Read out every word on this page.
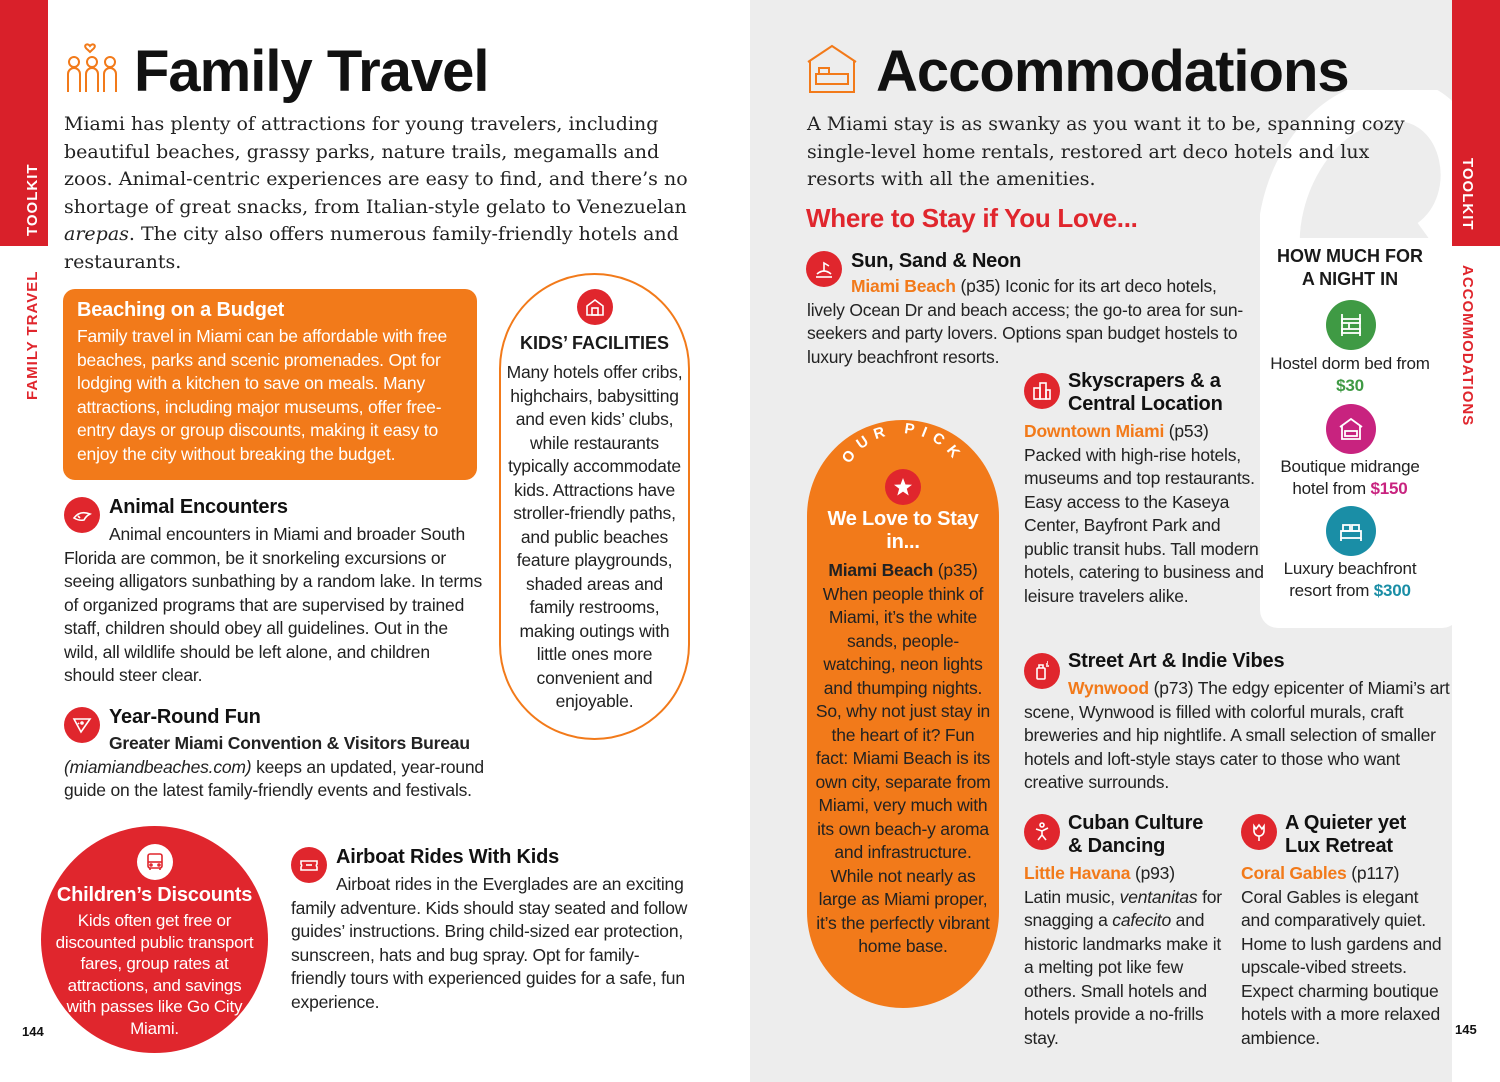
TOOLKIT
FAMILY TRAVEL
Family Travel
Miami has plenty of attractions for young travelers, including beautiful beaches, grassy parks, nature trails, megamalls and zoos. Animal-centric experiences are easy to find, and there’s no shortage of great snacks, from Italian-style gelato to Venezuelan arepas. The city also offers numerous family-friendly hotels and restaurants.
Beaching on a Budget
Family travel in Miami can be affordable with free beaches, parks and scenic promenades. Opt for lodging with a kitchen to save on meals. Many attractions, including major museums, offer free-entry days or group discounts, making it easy to enjoy the city without breaking the budget.
KIDS’ FACILITIES
Many hotels offer cribs, highchairs, babysitting and even kids’ clubs, while restaurants typically accommodate kids. Attractions have stroller-friendly paths, and public beaches feature playgrounds, shaded areas and family restrooms, making outings with little ones more convenient and enjoyable.
Animal Encounters
Animal encounters in Miami and broader South Florida are common, be it snorkeling excursions or seeing alligators sunbathing by a random lake. In terms of organized programs that are supervised by trained staff, children should obey all guidelines. Out in the wild, all wildlife should be left alone, and children should steer clear.
Year-Round Fun
Greater Miami Convention & Visitors Bureau
(miamiandbeaches.com) keeps an updated, year-round guide on the latest family-friendly events and festivals.
Children’s Discounts
Kids often get free or discounted public transport fares, group rates at attractions, and savings with passes like Go City Miami.
Airboat Rides With Kids
Airboat rides in the Everglades are an exciting family adventure. Kids should stay seated and follow guides’ instructions. Bring child-sized ear protection, sunscreen, hats and bug spray. Opt for family-friendly tours with experienced guides for a safe, fun experience.
144
TOOLKIT
ACCOMMODATIONS
Accommodations
A Miami stay is as swanky as you want it to be, spanning cozy single-level home rentals, restored art deco hotels and lux resorts with all the amenities.
Where to Stay if You Love...
Sun, Sand & Neon
Miami Beach (p35) Iconic for its art deco hotels, lively Ocean Dr and beach access; the go-to area for sun-seekers and party lovers. Options span budget hostels to luxury beachfront resorts.
Skyscrapers & a Central Location
Downtown Miami (p53)
Packed with high-rise hotels, museums and top restaurants. Easy access to the Kaseya Center, Bayfront Park and public transit hubs. Tall modern hotels, catering to business and leisure travelers alike.
Street Art & Indie Vibes
Wynwood (p73) The edgy epicenter of Miami’s art scene, Wynwood is filled with colorful murals, craft breweries and hip nightlife. A small selection of smaller hotels and loft-style stays cater to those who want creative surrounds.
Cuban Culture & Dancing
Little Havana (p93)
Latin music, ventanitas for snagging a cafecito and historic landmarks make it a melting pot like few others. Small hotels and hotels provide a no-frills stay.
A Quieter yet Lux Retreat
Coral Gables (p117)
Coral Gables is elegant and comparatively quiet. Home to lush gardens and upscale-vibed streets. Expect charming boutique hotels with a more relaxed ambience.
OUR PICK
We Love to Stay in...
Miami Beach (p35)
When people think of Miami, it’s the white sands, people-watching, neon lights and thumping nights. So, why not just stay in the heart of it? Fun fact: Miami Beach is its own city, separate from Miami, very much with its own beach-y aroma and infrastructure. While not nearly as large as Miami proper, it’s the perfectly vibrant home base.
HOW MUCH FOR A NIGHT IN
Hostel dorm bed from $30
Boutique midrange hotel from $150
Luxury beachfront resort from $300
145
